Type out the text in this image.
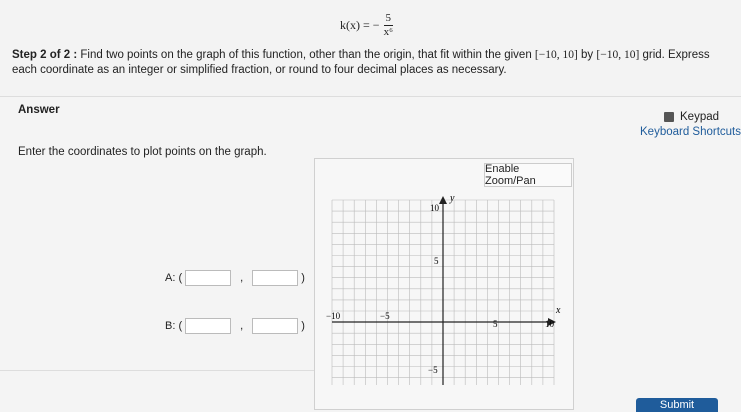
k(x) = − $\frac{5}{\text{x⁶}}$
Step 2 of 2 : Find two points on the graph of this function, other than the origin, that fit within the given [−10, 10] by [−10, 10] grid. Express each coordinate as an integer or simplified fraction, or round to four decimal places as necessary.
Answer
Keypad
Keyboard Shortcuts
Enter the coordinates to plot points on the graph.
A: (	,	)
B: (	,	)
Enable Zoom/Pan
y
x
10
5
−5
−10	−5
5	10
Submit
